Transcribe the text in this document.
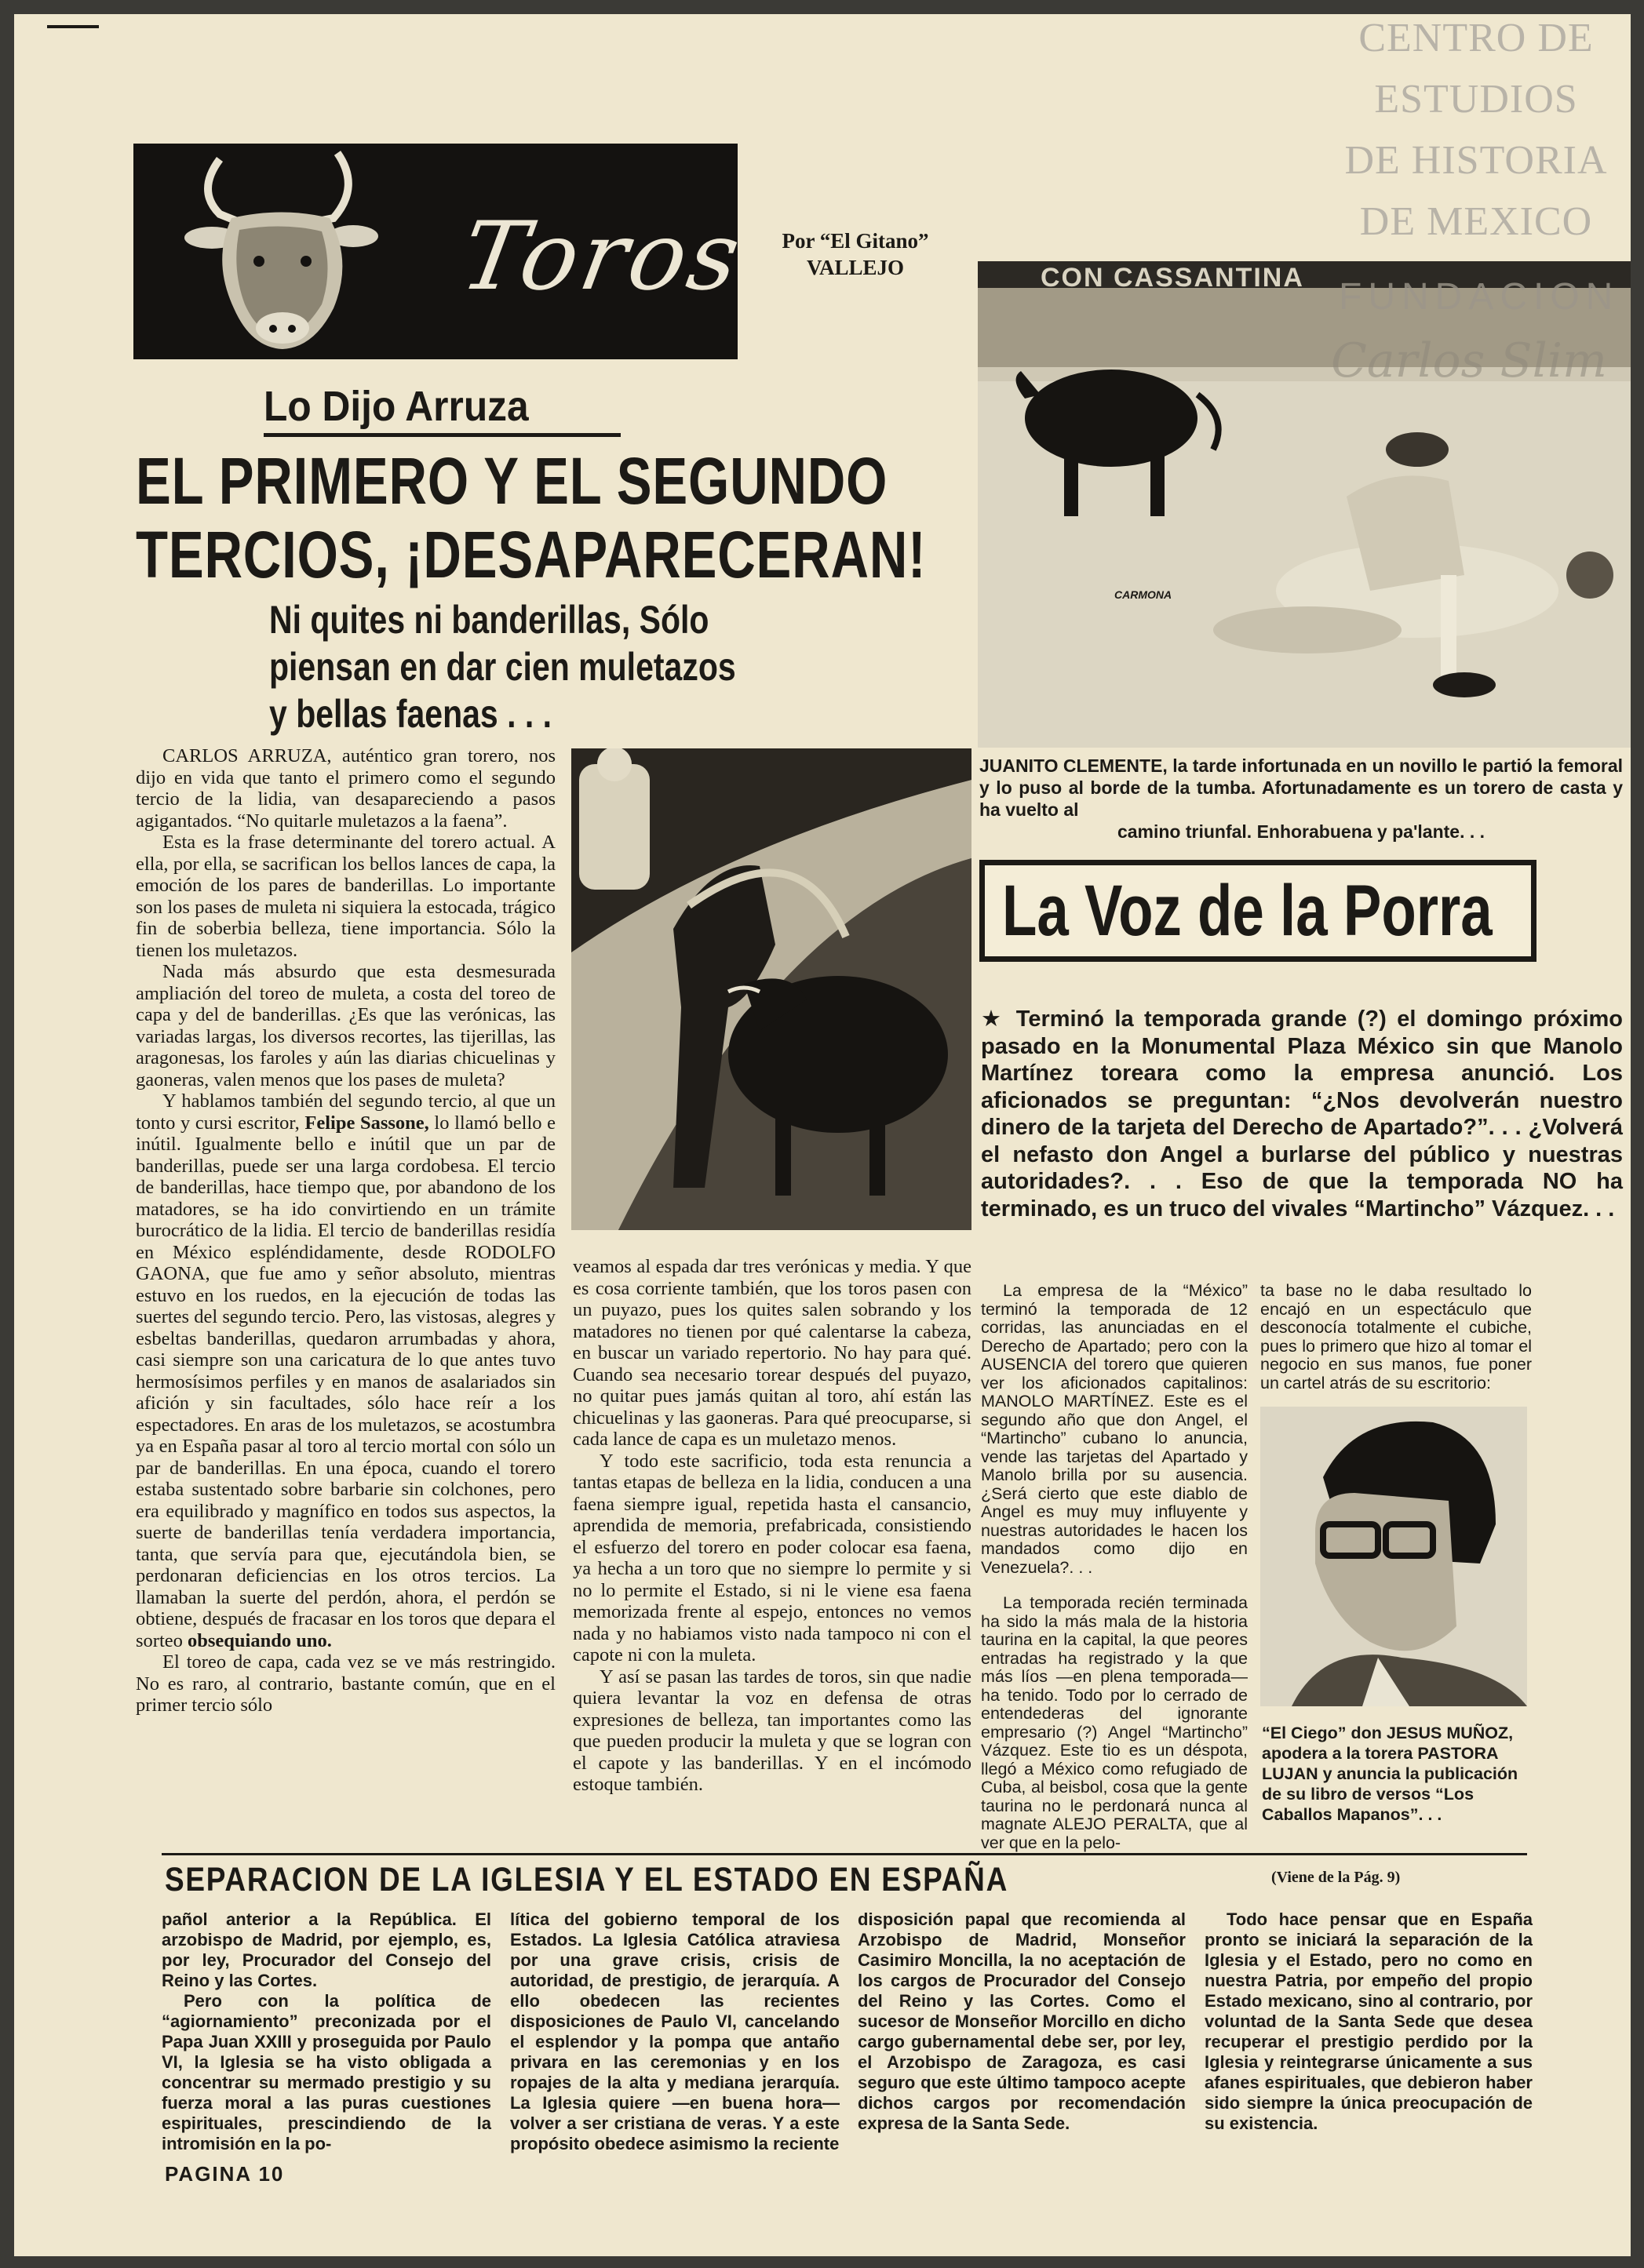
CENTRO DE
ESTUDIOS
DE HISTORIA
DE MEXICO
Toros Por “El Gitano”
VALLEJO
Lo Dijo Arruza
EL PRIMERO Y EL SEGUNDO
TERCIOS, ¡DESAPARECERAN!
Ni quites ni banderillas, Sólo
piensan en dar cien muletazos
y bellas faenas . . .

CARLOS ARRUZA, auténtico gran torero, nos dijo en vida que tanto el primero como el segundo tercio de la lidia, van desapareciendo a pasos agigantados. “No quitarle muletazos a la faena”.

Esta es la frase determinante del torero actual. A ella, por ella, se sacrifican los bellos lances de capa, la emoción de los pares de banderillas. Lo importante son los pases de muleta ni siquiera la estocada, trágico fin de soberbia belleza, tiene importancia. Sólo la tienen los muletazos.

Nada más absurdo que esta desmesurada ampliación del toreo de muleta, a costa del toreo de capa y del de banderillas. ¿Es que las verónicas, las variadas largas, los diversos recortes, las tijerillas, las aragonesas, los faroles y aún las diarias chicuelinas y gaoneras, valen menos que los pases de muleta?

Y hablamos también del segundo tercio, al que un tonto y cursi escritor, Felipe Sassone, lo llamó bello e inútil. Igualmente bello e inútil que un par de banderillas, puede ser una larga cordobesa. El tercio de banderillas, hace tiempo que, por abandono de los matadores, se ha ido convirtiendo en un trámite burocrático de la lidia. El tercio de banderillas residía en México espléndidamente, desde RODOLFO GAONA, que fue amo y señor absoluto, mientras estuvo en los ruedos, en la ejecución de todas las suertes del segundo tercio. Pero, las vistosas, alegres y esbeltas banderillas, quedaron arrumbadas y ahora, casi siempre son una caricatura de lo que antes tuvo hermosísimos perfiles y en manos de asalariados sin afición y sin facultades, sólo hace reír a los espectadores. En aras de los muletazos, se acostumbra ya en España pasar al toro al tercio mortal con sólo un par de banderillas. En una época, cuando el torero estaba sustentado sobre barbarie sin colchones, pero era equilibrado y magnífico en todos sus aspectos, la suerte de banderillas tenía verdadera importancia, tanta, que servía para que, ejecutándola bien, se perdonaran deficiencias en los otros tercios. La llamaban la suerte del perdón, ahora, el perdón se obtiene, después de fracasar en los toros que depara el sorteo obsequiando uno.

El toreo de capa, cada vez se ve más restringido. No es raro, al contrario, bastante común, que en el primer tercio sólo

veamos al espada dar tres verónicas y media. Y que es cosa corriente también, que los toros pasen con un puyazo, pues los quites salen sobrando y los matadores no tienen por qué calentarse la cabeza, en buscar un variado repertorio. No hay para qué. Cuando sea necesario torear después del puyazo, no quitar pues jamás quitan al toro, ahí están las chicuelinas y las gaoneras. Para qué preocuparse, si cada lance de capa es un muletazo menos.

Y todo este sacrificio, toda esta renuncia a tantas etapas de belleza en la lidia, conducen a una faena siempre igual, repetida hasta el cansancio, aprendida de memoria, prefabricada, consistiendo el esfuerzo del torero en poder colocar esa faena, ya hecha a un toro que no siempre lo permite y si no lo permite el Estado, si ni le viene esa faena memorizada frente al espejo, entonces no vemos nada y no habiamos visto nada tampoco ni con el capote ni con la muleta.

Y así se pasan las tardes de toros, sin que nadie quiera levantar la voz en defensa de otras expresiones de belleza, tan importantes como las que pueden producir la muleta y que se logran con el capote y las banderillas. Y en el incómodo estoque también.

CON CASSANTINA
CARMONA
FUNDACION
Carlos Slim
JUANITO CLEMENTE, la tarde infortunada en un novillo le partió la femoral y lo puso al borde de la tumba. Afortunadamente es un torero de casta y ha vuelto al
camino triunfal. Enhorabuena y pa'lante. . .
La Voz de la Porra
★ Terminó la temporada grande (?) el domingo próximo pasado en la Monumental Plaza México sin que Manolo Martínez toreara como la empresa anunció. Los aficionados se preguntan: “¿Nos devolverán nuestro dinero de la tarjeta del Derecho de Apartado?”. . . ¿Volverá el nefasto don Angel a burlarse del público y nuestras autoridades?. . . Eso de que la temporada NO ha terminado, es un truco del vivales “Martincho” Vázquez. . .

La empresa de la “México” terminó la temporada de 12 corridas, las anunciadas en el Derecho de Apartado; pero con la AUSENCIA del torero que quieren ver los aficionados capitalinos: MANOLO MARTÍNEZ. Este es el segundo año que don Angel, el “Martincho” cubano lo anuncia, vende las tarjetas del Apartado y Manolo brilla por su ausencia. ¿Será cierto que este diablo de Angel es muy muy influyente y nuestras autoridades le hacen los mandados como dijo en Venezuela?. . .

La temporada recién terminada ha sido la más mala de la historia taurina en la capital, la que peores entradas ha registrado y la que más líos —en plena temporada— ha tenido. Todo por lo cerrado de entendederas del ignorante empresario (?) Angel “Martincho” Vázquez. Este tio es un déspota, llegó a México como refugiado de Cuba, al beisbol, cosa que la gente taurina no le perdonará nunca al magnate ALEJO PERALTA, que al ver que en la pelo-

ta base no le daba resultado lo encajó en un espectáculo que desconocía totalmente el cubiche, pues lo primero que hizo al tomar el negocio en sus manos, fue poner un cartel atrás de su escritorio:

“El Ciego” don JESUS MUÑOZ, apodera a la torera PASTORA LUJAN y anuncia la publicación de su libro de versos “Los Caballos Mapanos”. . .
SEPARACION DE LA IGLESIA Y EL ESTADO EN ESPAÑA	(Viene de la Pág. 9)

pañol anterior a la República. El arzobispo de Madrid, por ejemplo, es, por ley, Procurador del Consejo del Reino y las Cortes.

Pero con la política de “agiornamiento” preconizada por el Papa Juan XXIII y proseguida por Paulo VI, la Iglesia se ha visto obligada a concentrar su mermado prestigio y su fuerza moral a las puras cuestiones espirituales, prescindiendo de la intromisión en la po-

lítica del gobierno temporal de los Estados. La Iglesia Católica atraviesa por una grave crisis, crisis de autoridad, de prestigio, de jerarquía. A ello obedecen las recientes disposiciones de Paulo VI, cancelando el esplendor y la pompa que antaño privara en las ceremonias y en los ropajes de la alta y mediana jerarquía. La Iglesia quiere —en buena hora— volver a ser cristiana de veras. Y a este propósito obedece asimismo la reciente

disposición papal que recomienda al Arzobispo de Madrid, Monseñor Casimiro Moncilla, la no aceptación de los cargos de Procurador del Consejo del Reino y las Cortes. Como el sucesor de Monseñor Morcillo en dicho cargo gubernamental debe ser, por ley, el Arzobispo de Zaragoza, es casi seguro que este último tampoco acepte dichos cargos por recomendación expresa de la Santa Sede.

Todo hace pensar que en España pronto se iniciará la separación de la Iglesia y el Estado, pero no como en nuestra Patria, por empeño del propio Estado mexicano, sino al contrario, por voluntad de la Santa Sede que desea recuperar el prestigio perdido por la Iglesia y reintegrarse únicamente a sus afanes espirituales, que debieron haber sido siempre la única preocupación de su existencia.

PAGINA 10
